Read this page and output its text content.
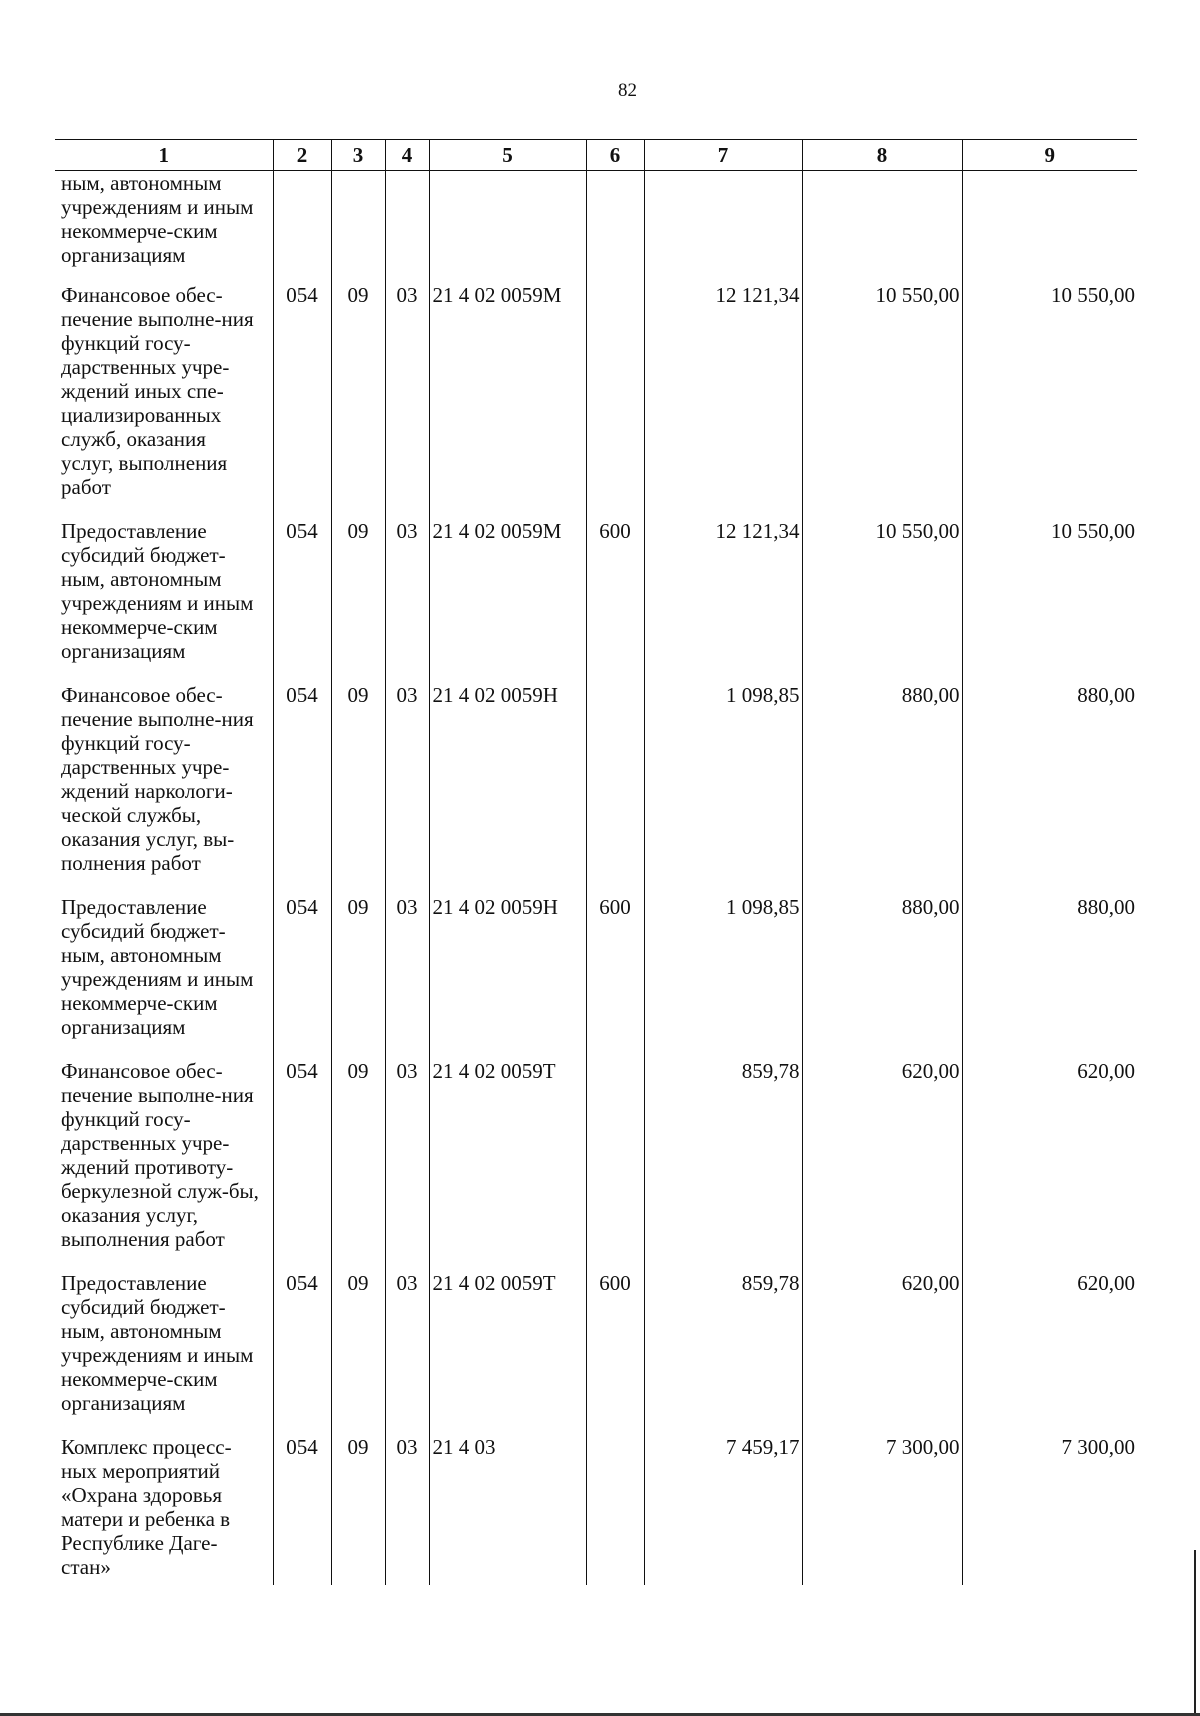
82
1	2	3	4	5	6	7	8	9

ным, автономным учреждениям и иным некоммерче-ским организациям								

Финансовое обес-печение выполне-ния функций госу-дарственных учре-ждений иных спе-циализированных служб, оказания услуг, выполнения работ	054	09	03	21 4 02 0059М		12 121,34	10 550,00	10 550,00

Предоставление субсидий бюджет-ным, автономным учреждениям и иным некоммерче-ским организациям	054	09	03	21 4 02 0059М	600	12 121,34	10 550,00	10 550,00

Финансовое обес-печение выполне-ния функций госу-дарственных учре-ждений наркологи-ческой службы, оказания услуг, вы-полнения работ	054	09	03	21 4 02 0059Н		1 098,85	880,00	880,00

Предоставление субсидий бюджет-ным, автономным учреждениям и иным некоммерче-ским организациям	054	09	03	21 4 02 0059Н	600	1 098,85	880,00	880,00

Финансовое обес-печение выполне-ния функций госу-дарственных учре-ждений противоту-беркулезной служ-бы, оказания услуг, выполнения работ	054	09	03	21 4 02 0059Т		859,78	620,00	620,00

Предоставление субсидий бюджет-ным, автономным учреждениям и иным некоммерче-ским организациям	054	09	03	21 4 02 0059Т	600	859,78	620,00	620,00

Комплекс процесс-ных мероприятий «Охрана здоровья матери и ребенка в Республике Даге-стан»	054	09	03	21 4 03		7 459,17	7 300,00	7 300,00
